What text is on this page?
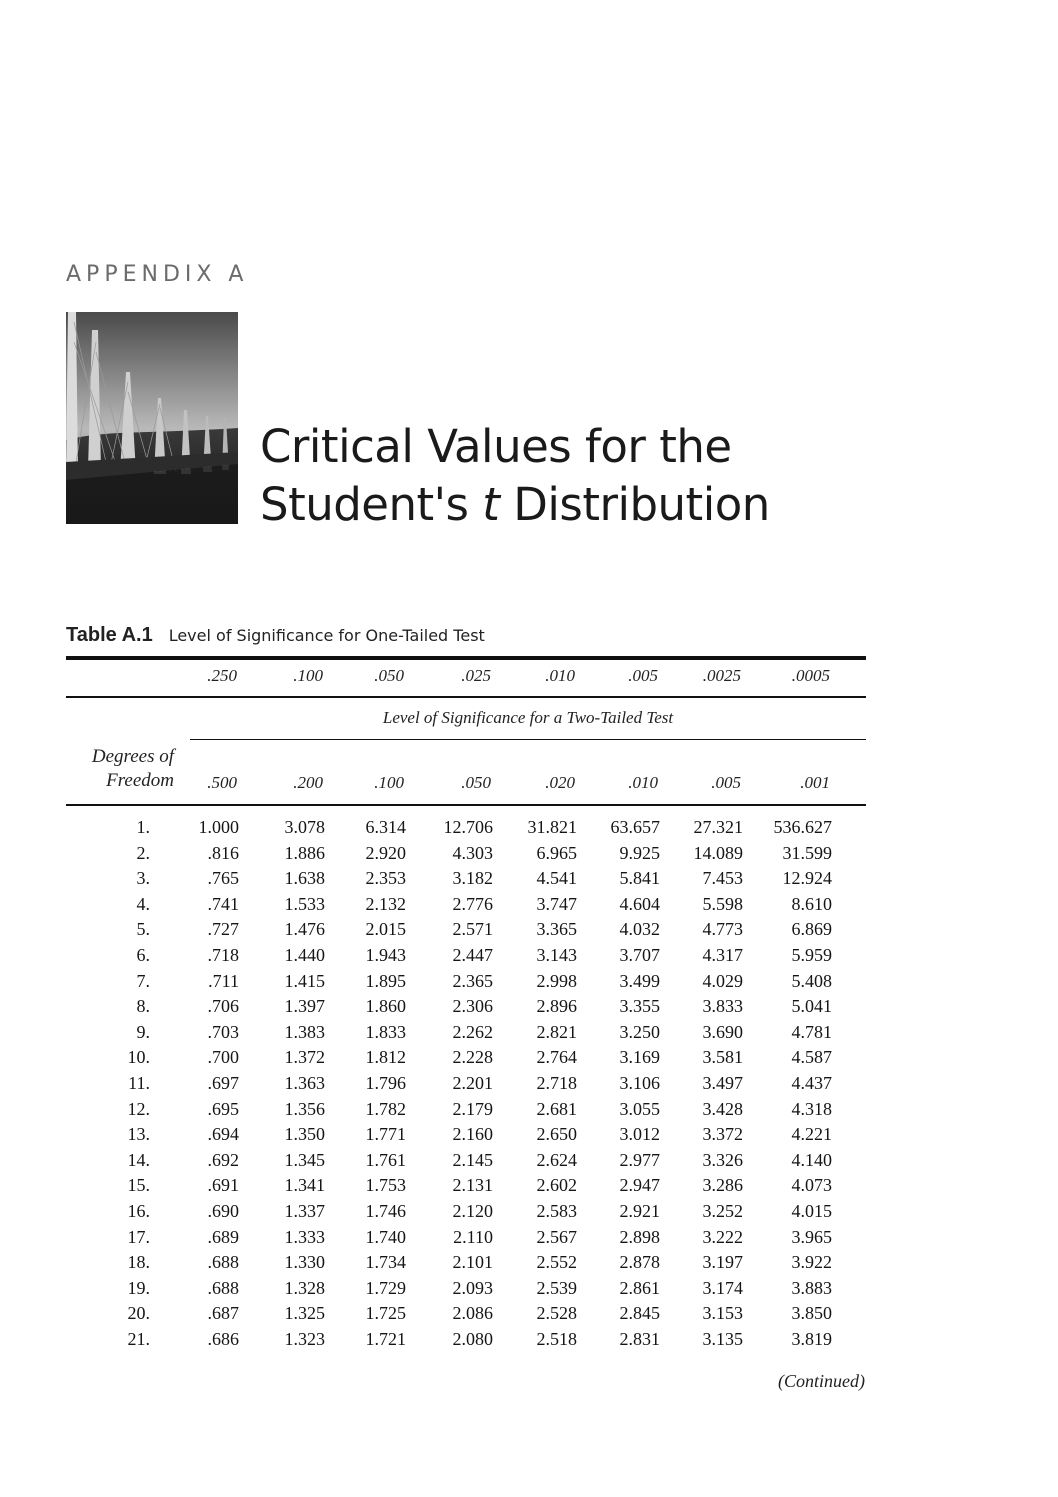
APPENDIX A
Critical Values for the
Student's t Distribution
Table A.1 Level of Significance for One-Tailed Test
.250	.100	.050	.025	.010	.005	.0025	.0005
Level of Significance for a Two-Tailed Test
Degrees of
Freedom	.500	.200	.100	.050	.020	.010	.005	.001
1.	1.000	3.078	6.314	12.706	31.821	63.657	27.321	536.627
2.	.816	1.886	2.920	4.303	6.965	9.925	14.089	31.599
3.	.765	1.638	2.353	3.182	4.541	5.841	7.453	12.924
4.	.741	1.533	2.132	2.776	3.747	4.604	5.598	8.610
5.	.727	1.476	2.015	2.571	3.365	4.032	4.773	6.869
6.	.718	1.440	1.943	2.447	3.143	3.707	4.317	5.959
7.	.711	1.415	1.895	2.365	2.998	3.499	4.029	5.408
8.	.706	1.397	1.860	2.306	2.896	3.355	3.833	5.041
9.	.703	1.383	1.833	2.262	2.821	3.250	3.690	4.781
10.	.700	1.372	1.812	2.228	2.764	3.169	3.581	4.587
11.	.697	1.363	1.796	2.201	2.718	3.106	3.497	4.437
12.	.695	1.356	1.782	2.179	2.681	3.055	3.428	4.318
13.	.694	1.350	1.771	2.160	2.650	3.012	3.372	4.221
14.	.692	1.345	1.761	2.145	2.624	2.977	3.326	4.140
15.	.691	1.341	1.753	2.131	2.602	2.947	3.286	4.073
16.	.690	1.337	1.746	2.120	2.583	2.921	3.252	4.015
17.	.689	1.333	1.740	2.110	2.567	2.898	3.222	3.965
18.	.688	1.330	1.734	2.101	2.552	2.878	3.197	3.922
19.	.688	1.328	1.729	2.093	2.539	2.861	3.174	3.883
20.	.687	1.325	1.725	2.086	2.528	2.845	3.153	3.850
21.	.686	1.323	1.721	2.080	2.518	2.831	3.135	3.819
(Continued)
